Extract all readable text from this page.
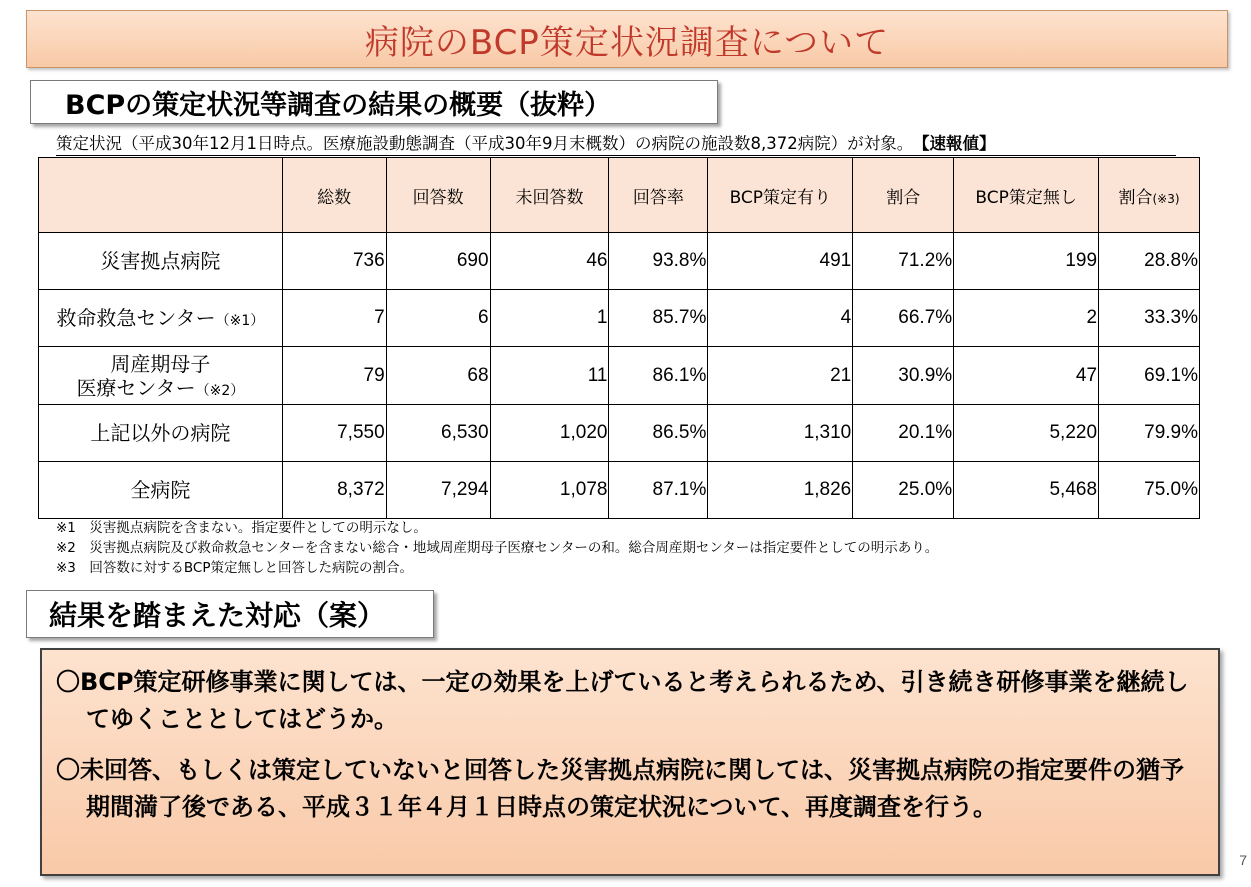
病院のBCP策定状況調査について
BCPの策定状況等調査の結果の概要（抜粋）
策定状況（平成30年12月1日時点。医療施設動態調査（平成30年9月末概数）の病院の施設数8,372病院）が対象。 【速報値】
	総数	回答数	未回答数	回答率	BCP策定有り	割合	BCP策定無し	割合(※3)
災害拠点病院	736	690	46	93.8%	491	71.2%	199	28.8%
救命救急センター（※1）	7	6	1	85.7%	4	66.7%	2	33.3%
周産期母子
医療センター（※2）	79	68	11	86.1%	21	30.9%	47	69.1%
上記以外の病院	7,550	6,530	1,020	86.5%	1,310	20.1%	5,220	79.9%
全病院	8,372	7,294	1,078	87.1%	1,826	25.0%	5,468	75.0%
※1　災害拠点病院を含まない。指定要件としての明示なし。
※2　災害拠点病院及び救命救急センターを含まない総合・地域周産期母子医療センターの和。総合周産期センターは指定要件としての明示あり。
※3　回答数に対するBCP策定無しと回答した病院の割合。
結果を踏まえた対応（案）

〇BCP策定研修事業に関しては、一定の効果を上げていると考えられるため、引き続き研修事業を継続してゆくこととしてはどうか。

〇未回答、もしくは策定していないと回答した災害拠点病院に関しては、災害拠点病院の指定要件の猶予期間満了後である、平成３１年４月１日時点の策定状況について、再度調査を行う。

7
